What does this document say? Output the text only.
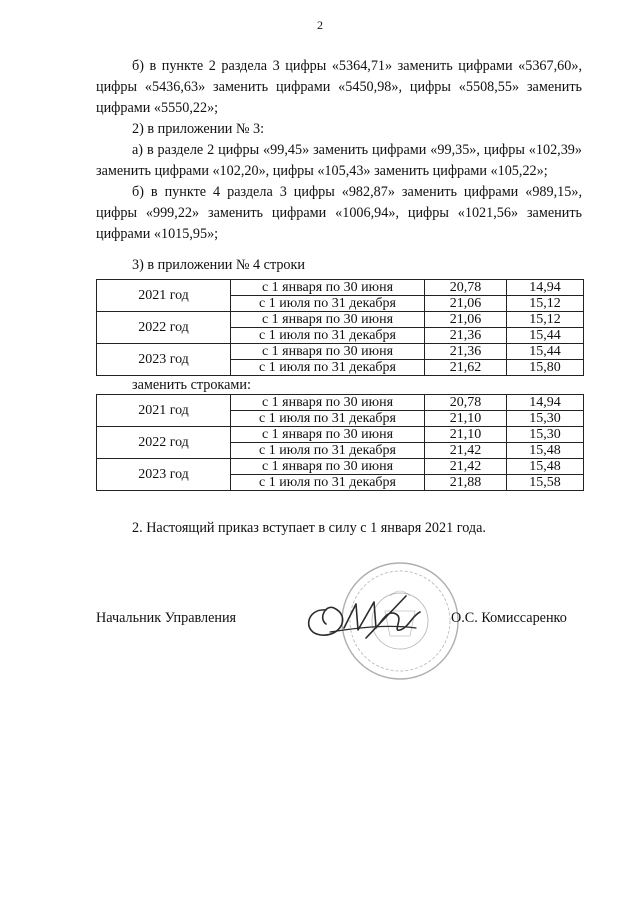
2
б) в пункте 2 раздела 3 цифры «5364,71» заменить цифрами «5367,60», цифры «5436,63» заменить цифрами «5450,98», цифры «5508,55» заменить цифрами «5550,22»;
2) в приложении № 3:
а) в разделе 2 цифры «99,45» заменить цифрами «99,35», цифры «102,39» заменить цифрами «102,20», цифры «105,43» заменить цифрами «105,22»;
б) в пункте 4 раздела 3 цифры «982,87» заменить цифрами «989,15», цифры «999,22» заменить цифрами «1006,94», цифры «1021,56» заменить цифрами «1015,95»;
3) в приложении № 4 строки
2021 год	с 1 января по 30 июня	20,78	14,94
	с 1 июля по 31 декабря	21,06	15,12
2022 год	с 1 января по 30 июня	21,06	15,12
	с 1 июля по 31 декабря	21,36	15,44
2023 год	с 1 января по 30 июня	21,36	15,44
	с 1 июля по 31 декабря	21,62	15,80
заменить строками:
2021 год	с 1 января по 30 июня	20,78	14,94
	с 1 июля по 31 декабря	21,10	15,30
2022 год	с 1 января по 30 июня	21,10	15,30
	с 1 июля по 31 декабря	21,42	15,48
2023 год	с 1 января по 30 июня	21,42	15,48
	с 1 июля по 31 декабря	21,88	15,58
2. Настоящий приказ вступает в силу с 1 января 2021 года.
Начальник Управления	О.С. Комиссаренко
